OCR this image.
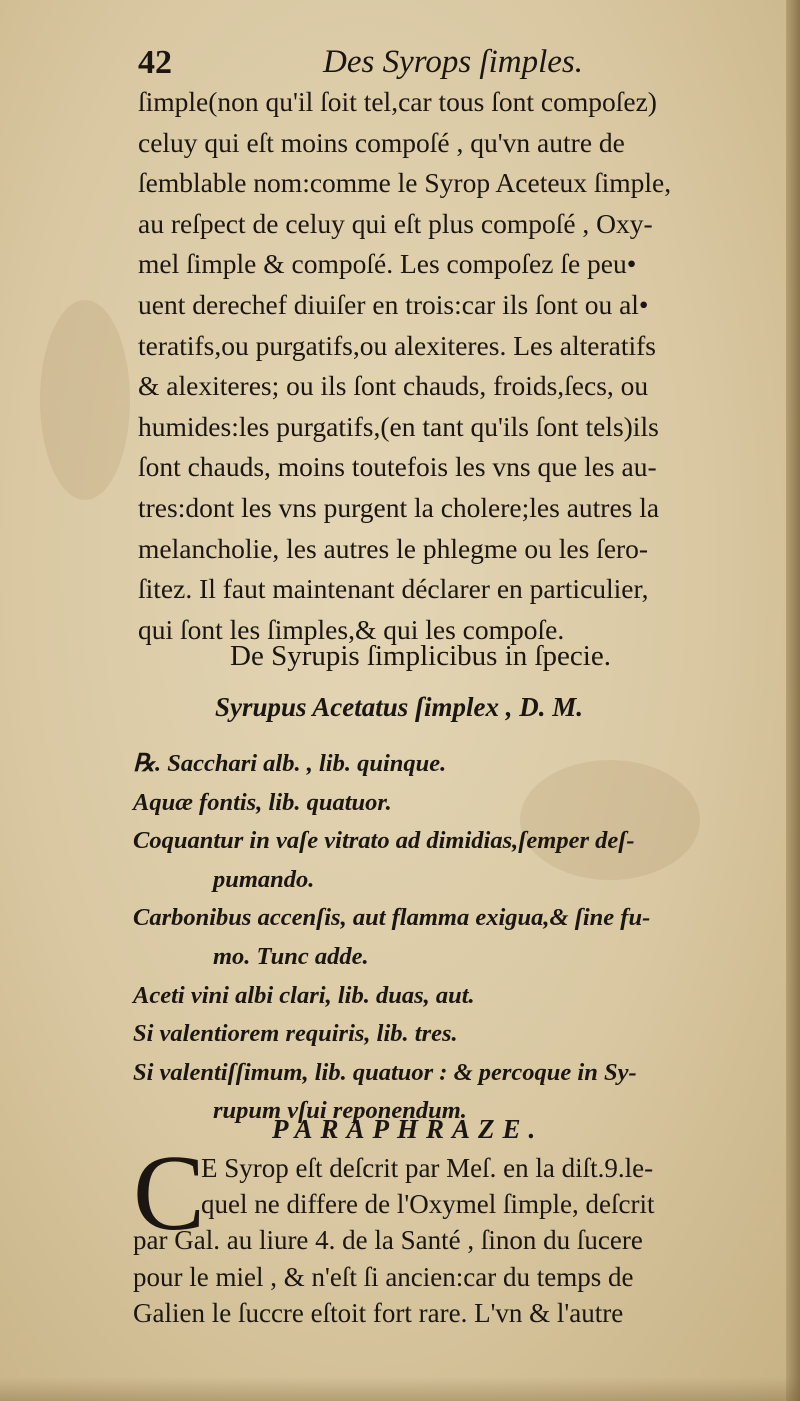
42	Des Syrops ſimples.
ſimple(non qu'il ſoit tel,car tous ſont compoſez)
celuy qui eſt moins compoſé , qu'vn autre de
ſemblable nom:comme le Syrop Aceteux ſimple,
au reſpect de celuy qui eſt plus compoſé , Oxy-
mel ſimple & compoſé. Les compoſez ſe peu•
uent derechef diuiſer en trois:car ils ſont ou al•
teratifs,ou purgatifs,ou alexiteres. Les alteratifs
& alexiteres; ou ils ſont chauds, froids,ſecs, ou
humides:les purgatifs,(en tant qu'ils ſont tels)ils
ſont chauds, moins toutefois les vns que les au-
tres:dont les vns purgent la cholere;les autres la
melancholie, les autres le phlegme ou les ſero-
ſitez. Il faut maintenant déclarer en particulier,
qui ſont les ſimples,& qui les compoſe.
De Syrupis ſimplicibus in ſpecie.
Syrupus Acetatus ſimplex , D. M.
℞. Sacchari alb. , lib. quinque.
Aquæ fontis, lib. quatuor.
Coquantur in vaſe vitrato ad dimidias,ſemper deſ-
pumando.
Carbonibus accenſis, aut flamma exigua,& ſine fu-
mo. Tunc adde.
Aceti vini albi clari, lib. duas, aut.
Si valentiorem requiris, lib. tres.
Si valentiſſimum, lib. quatuor : & percoque in Sy-
rupum vſui reponendum.
PARAPHRAZE.
C
E Syrop eſt deſcrit par Meſ. en la diſt.9.le-
quel ne differe de l'Oxymel ſimple, deſcrit
par Gal. au liure 4. de la Santé , ſinon du ſucere
pour le miel , & n'eſt ſi ancien:car du temps de
Galien le ſuccre eſtoit fort rare. L'vn & l'autre
